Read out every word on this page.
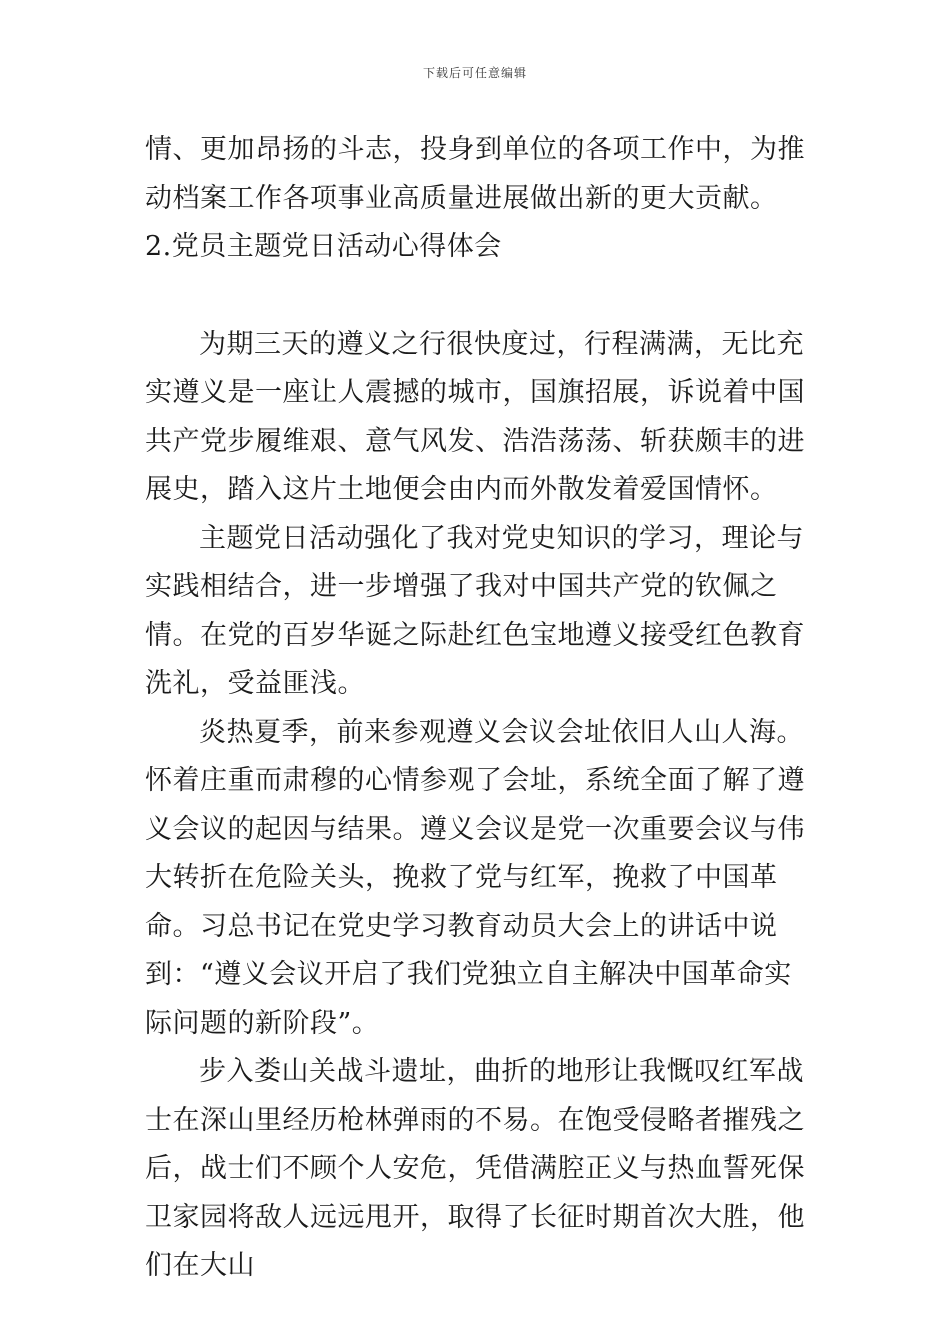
下载后可任意编辑

情、更加昂扬的斗志，投身到单位的各项工作中，为推动档案工作各项事业高质量进展做出新的更大贡献。

2.党员主题党日活动心得体会

为期三天的遵义之行很快度过，行程满满，无比充实遵义是一座让人震撼的城市，国旗招展，诉说着中国共产党步履维艰、意气风发、浩浩荡荡、斩获颇丰的进展史，踏入这片土地便会由内而外散发着爱国情怀。

主题党日活动强化了我对党史知识的学习，理论与实践相结合，进一步增强了我对中国共产党的钦佩之情。在党的百岁华诞之际赴红色宝地遵义接受红色教育洗礼，受益匪浅。

炎热夏季，前来参观遵义会议会址依旧人山人海。怀着庄重而肃穆的心情参观了会址，系统全面了解了遵义会议的起因与结果。遵义会议是党一次重要会议与伟大转折在危险关头，挽救了党与红军，挽救了中国革命。习总书记在党史学习教育动员大会上的讲话中说到：“遵义会议开启了我们党独立自主解决中国革命实际问题的新阶段”。

步入娄山关战斗遗址，曲折的地形让我慨叹红军战士在深山里经历枪林弹雨的不易。在饱受侵略者摧残之后，战士们不顾个人安危，凭借满腔正义与热血誓死保卫家园将敌人远远甩开，取得了长征时期首次大胜，他们在大山
